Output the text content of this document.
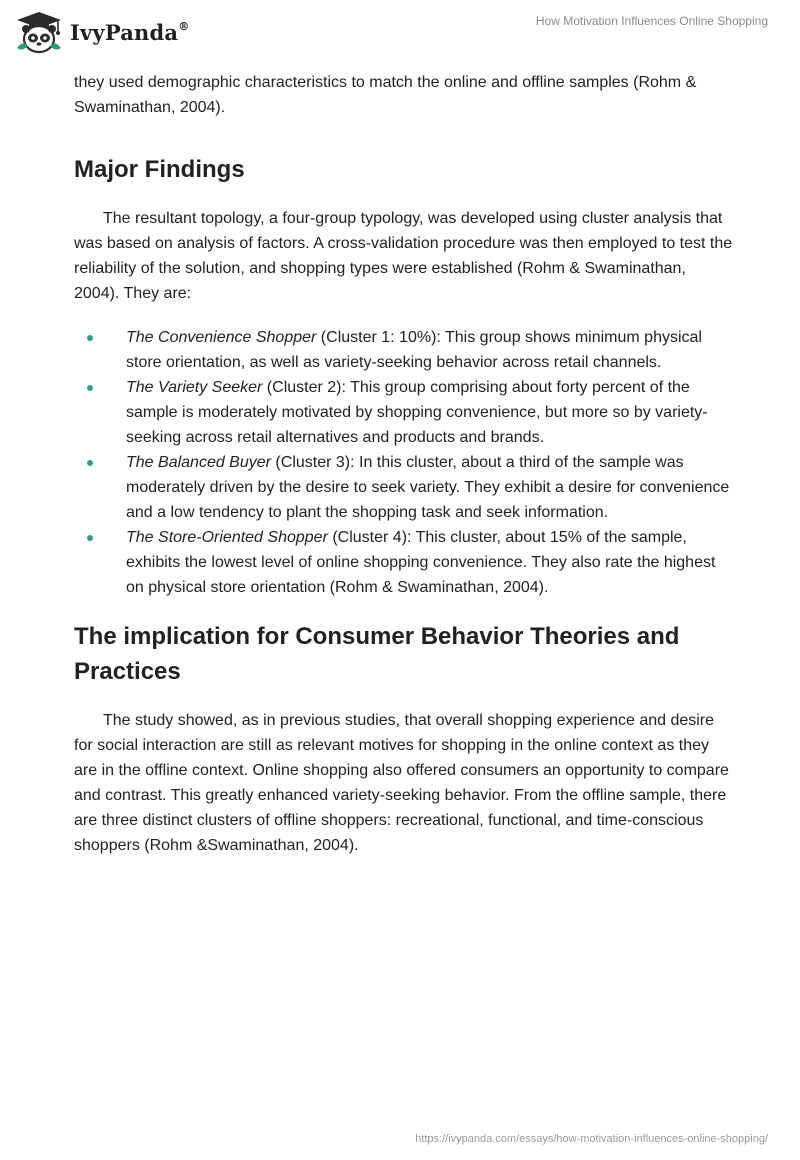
IvyPanda®	How Motivation Influences Online Shopping

they used demographic characteristics to match the online and offline samples (Rohm & Swaminathan, 2004).

Major Findings

The resultant topology, a four-group typology, was developed using cluster analysis that was based on analysis of factors. A cross-validation procedure was then employed to test the reliability of the solution, and shopping types were established (Rohm & Swaminathan, 2004). They are:

The Convenience Shopper (Cluster 1: 10%): This group shows minimum physical store orientation, as well as variety-seeking behavior across retail channels.
The Variety Seeker (Cluster 2): This group comprising about forty percent of the sample is moderately motivated by shopping convenience, but more so by variety-seeking across retail alternatives and products and brands.
The Balanced Buyer (Cluster 3): In this cluster, about a third of the sample was moderately driven by the desire to seek variety. They exhibit a desire for convenience and a low tendency to plant the shopping task and seek information.
The Store-Oriented Shopper (Cluster 4): This cluster, about 15% of the sample, exhibits the lowest level of online shopping convenience. They also rate the highest on physical store orientation (Rohm & Swaminathan, 2004).
The implication for Consumer Behavior Theories and Practices

The study showed, as in previous studies, that overall shopping experience and desire for social interaction are still as relevant motives for shopping in the online context as they are in the offline context. Online shopping also offered consumers an opportunity to compare and contrast. This greatly enhanced variety-seeking behavior. From the offline sample, there are three distinct clusters of offline shoppers: recreational, functional, and time-conscious shoppers (Rohm &Swaminathan, 2004).

https://ivypanda.com/essays/how-motivation-influences-online-shopping/
